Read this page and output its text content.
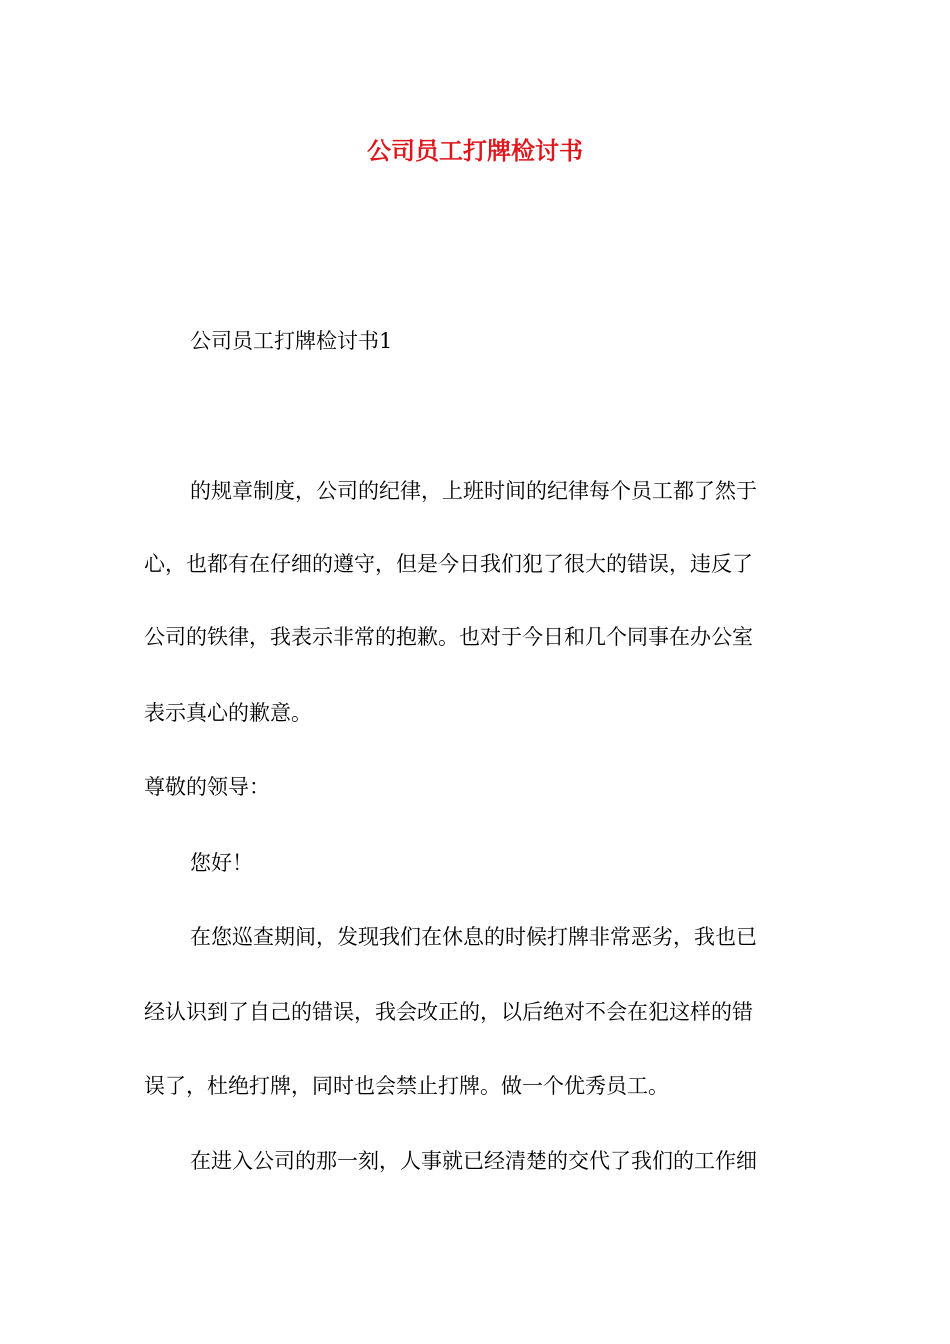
公司员工打牌检讨书

公司员工打牌检讨书1

的规章制度，公司的纪律，上班时间的纪律每个员工都了然于

心，也都有在仔细的遵守，但是今日我们犯了很大的错误，违反了

公司的铁律，我表示非常的抱歉。也对于今日和几个同事在办公室

表示真心的歉意。

尊敬的领导：

您好！

在您巡查期间，发现我们在休息的时候打牌非常恶劣，我也已

经认识到了自己的错误，我会改正的，以后绝对不会在犯这样的错

误了，杜绝打牌，同时也会禁止打牌。做一个优秀员工。

在进入公司的那一刻，人事就已经清楚的交代了我们的工作细
